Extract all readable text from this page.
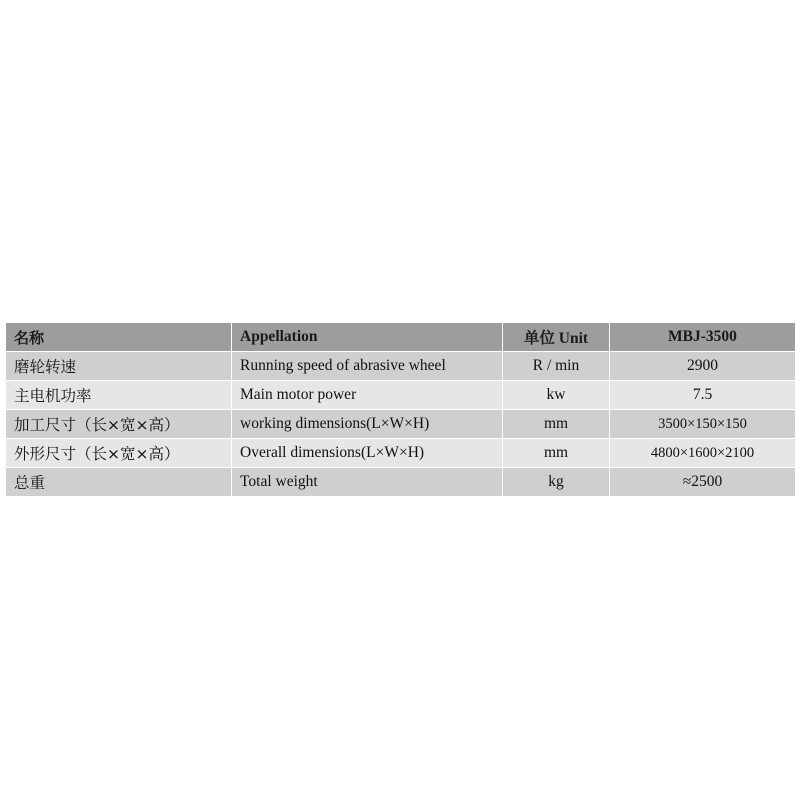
名称	Appellation	单位 Unit	MBJ-3500
磨轮转速	Running speed of abrasive wheel	R / min	2900
主电机功率	Main motor power	kw	7.5
加工尺寸（长×宽×高）	working dimensions(L×W×H)	mm	3500×150×150
外形尺寸（长×宽×高）	Overall dimensions(L×W×H)	mm	4800×1600×2100
总重	Total weight	kg	≈2500
